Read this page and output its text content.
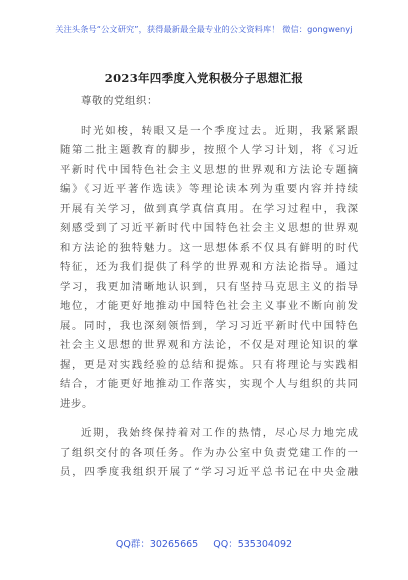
关注头条号“公文研究”，获得最新最全最专业的公文资料库！ 微信：gongwenyj
2023年四季度入党积极分子思想汇报
尊敬的党组织：
时光如梭，转眼又是一个季度过去。近期，我紧紧跟
随第二批主题教育的脚步，按照个人学习计划，将《习近
平新时代中国特色社会主义思想的世界观和方法论专题摘
编》《习近平著作选读》等理论读本列为重要内容并持续
开展有关学习，做到真学真信真用。在学习过程中，我深
刻感受到了习近平新时代中国特色社会主义思想的世界观
和方法论的独特魅力。这一思想体系不仅具有鲜明的时代
特征，还为我们提供了科学的世界观和方法论指导。通过
学习，我更加清晰地认识到，只有坚持马克思主义的指导
地位，才能更好地推动中国特色社会主义事业不断向前发
展。同时，我也深刻领悟到，学习习近平新时代中国特色
社会主义思想的世界观和方法论，不仅是对理论知识的掌
握，更是对实践经验的总结和提炼。只有将理论与实践相
结合，才能更好地推动工作落实，实现个人与组织的共同
进步。
近期，我始终保持着对工作的热情，尽心尽力地完成
了组织交付的各项任务。作为办公室中负责党建工作的一
员，四季度我组织开展了“学习习近平总书记在中央金融
QQ群：30265665 QQ：535304092
